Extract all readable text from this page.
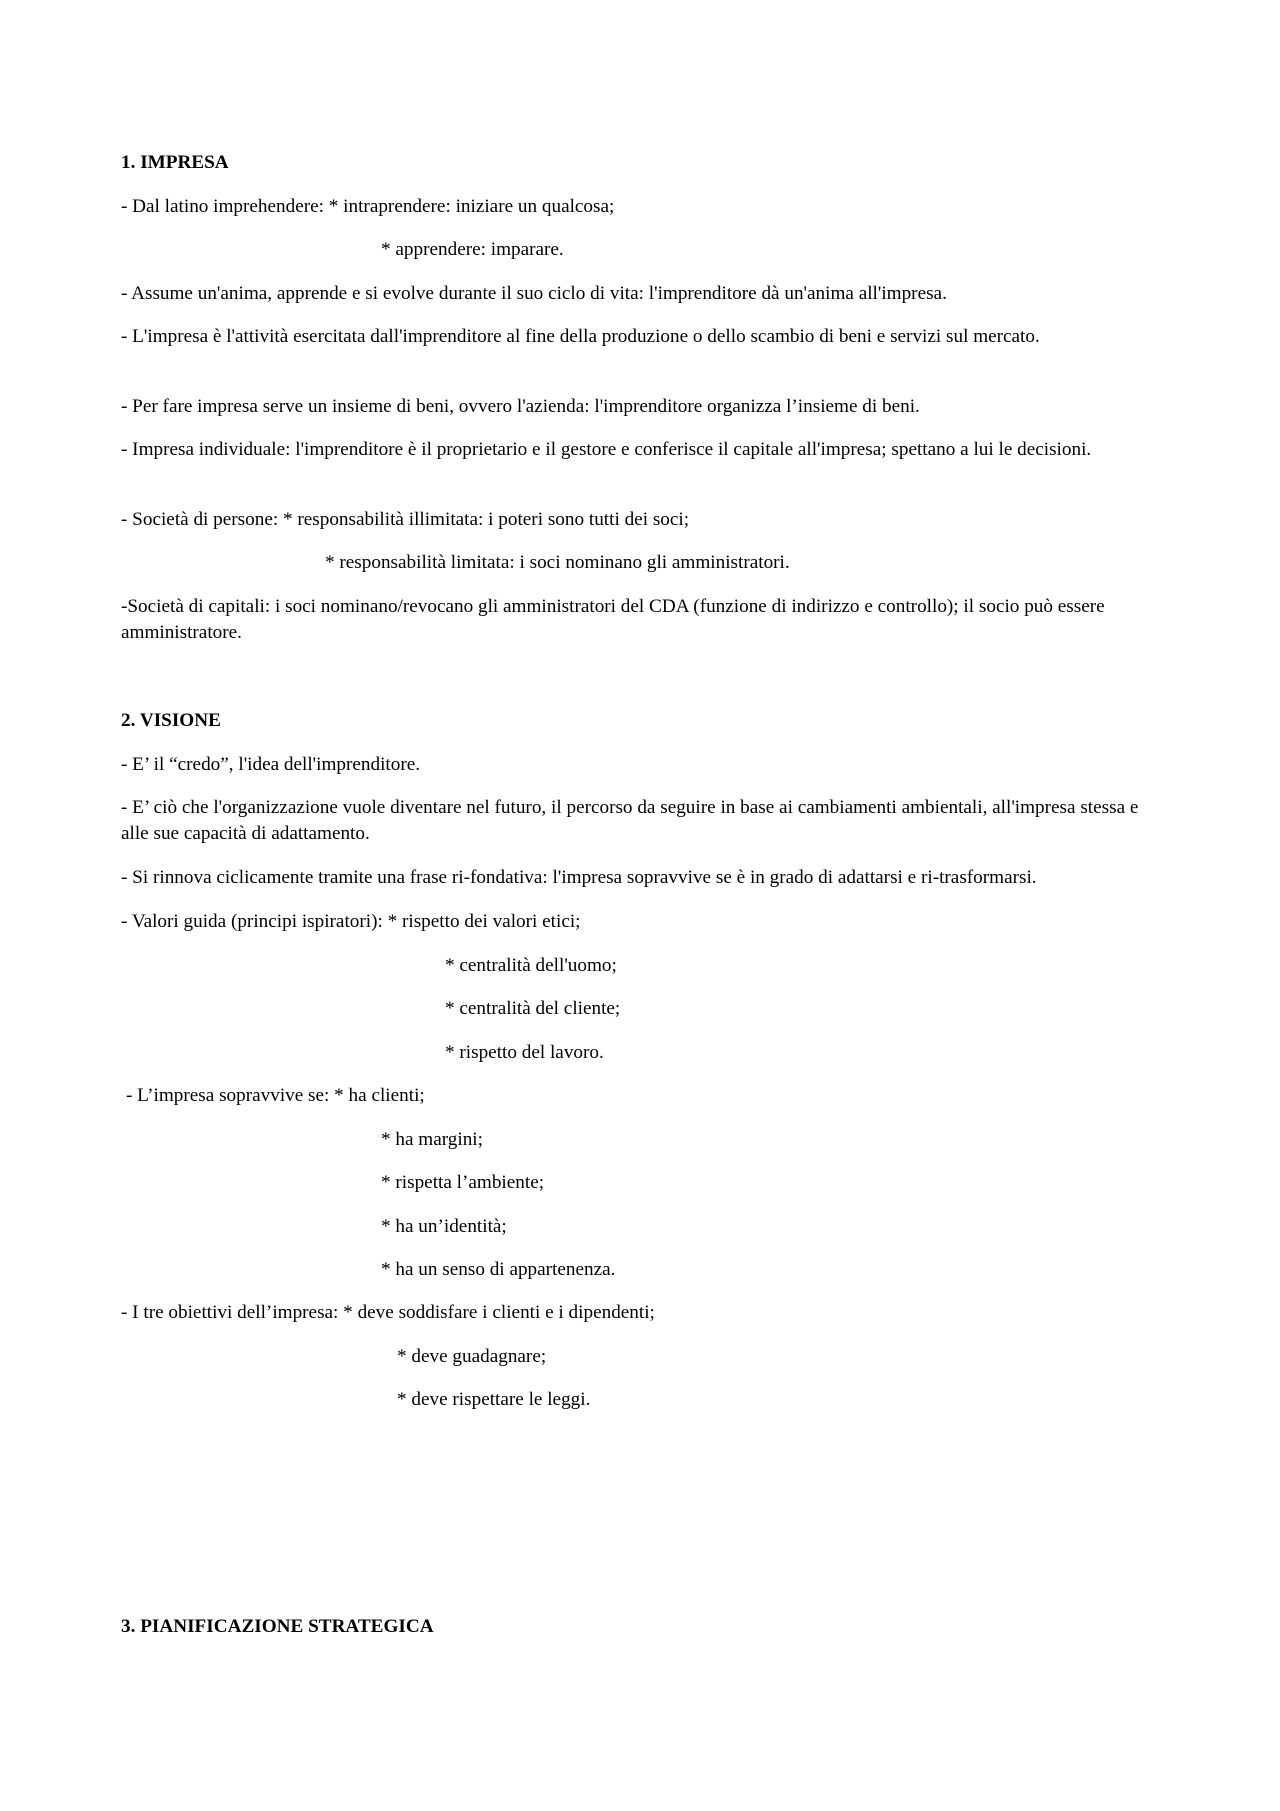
1. IMPRESA

- Dal latino imprehendere: * intraprendere: iniziare un qualcosa;

* apprendere: imparare.

- Assume un'anima, apprende e si evolve durante il suo ciclo di vita: l'imprenditore dà un'anima all'impresa.

- L'impresa è l'attività esercitata dall'imprenditore al fine della produzione o dello scambio di beni e servizi sul mercato.

- Per fare impresa serve un insieme di beni, ovvero l'azienda: l'imprenditore organizza l’insieme di beni.

- Impresa individuale: l'imprenditore è il proprietario e il gestore e conferisce il capitale all'impresa; spettano a lui le decisioni.

- Società di persone: * responsabilità illimitata: i poteri sono tutti dei soci;

* responsabilità limitata: i soci nominano gli amministratori.

-Società di capitali: i soci nominano/revocano gli amministratori del CDA (funzione di indirizzo e controllo); il socio può essere amministratore.

2. VISIONE

- E’ il “credo”, l'idea dell'imprenditore.

- E’ ciò che l'organizzazione vuole diventare nel futuro, il percorso da seguire in base ai cambiamenti ambientali, all'impresa stessa e alle sue capacità di adattamento.

- Si rinnova ciclicamente tramite una frase ri-fondativa: l'impresa sopravvive se è in grado di adattarsi e ri-trasformarsi.

- Valori guida (principi ispiratori): * rispetto dei valori etici;

* centralità dell'uomo;

* centralità del cliente;

* rispetto del lavoro.

- L’impresa sopravvive se: * ha clienti;

* ha margini;

* rispetta l’ambiente;

* ha un’identità;

* ha un senso di appartenenza.

- I tre obiettivi dell’impresa: * deve soddisfare i clienti e i dipendenti;

* deve guadagnare;

* deve rispettare le leggi.

3. PIANIFICAZIONE STRATEGICA
